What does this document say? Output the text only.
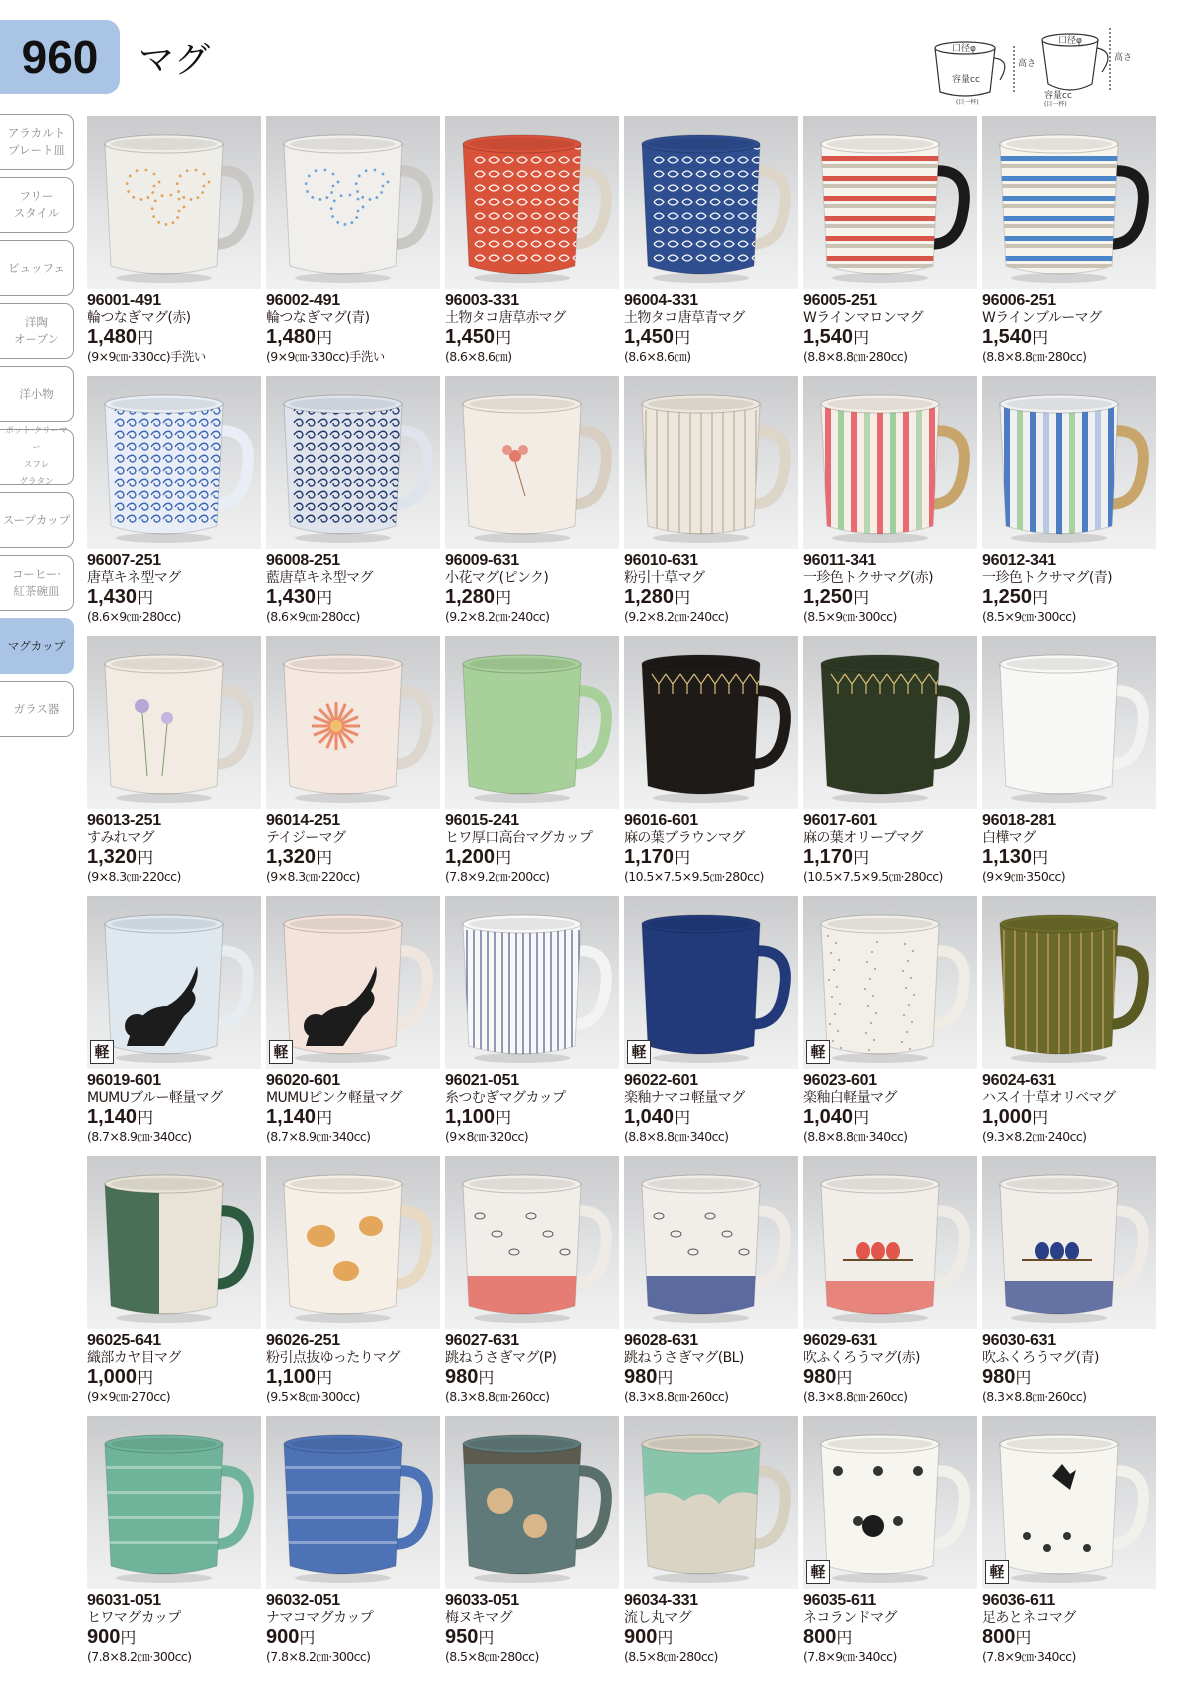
960 マグ	口径φ
高さ
容量cc
(目一杯)
口径φ
高さ
容量cc
(目一杯)
アラカルト
プレート皿
フリー
スタイル
ビュッフェ
洋陶
オーブン
洋小物
ポット·クリーマー
スフレ
グラタン
スープカップ
コーヒー·
紅茶碗皿
マグカップ
ガラス器
96001-491
輪つなぎマグ(赤)
1,480円
(9×9㎝·330cc)手洗い
96002-491
輪つなぎマグ(青)
1,480円
(9×9㎝·330cc)手洗い
96003-331
土物タコ唐草赤マグ
1,450円
(8.6×8.6㎝)
96004-331
土物タコ唐草青マグ
1,450円
(8.6×8.6㎝)
96005-251
Wラインマロンマグ
1,540円
(8.8×8.8㎝·280cc)
96006-251
Wラインブルーマグ
1,540円
(8.8×8.8㎝·280cc)
96007-251
唐草キネ型マグ
1,430円
(8.6×9㎝·280cc)
96008-251
藍唐草キネ型マグ
1,430円
(8.6×9㎝·280cc)
96009-631
小花マグ(ピンク)
1,280円
(9.2×8.2㎝·240cc)
96010-631
粉引十草マグ
1,280円
(9.2×8.2㎝·240cc)
96011-341
一珍色トクサマグ(赤)
1,250円
(8.5×9㎝·300cc)
96012-341
一珍色トクサマグ(青)
1,250円
(8.5×9㎝·300cc)
96013-251
すみれマグ
1,320円
(9×8.3㎝·220cc)
96014-251
テイジーマグ
1,320円
(9×8.3㎝·220cc)
96015-241
ヒワ厚口高台マグカップ
1,200円
(7.8×9.2㎝·200cc)
96016-601
麻の葉ブラウンマグ
1,170円
(10.5×7.5×9.5㎝·280cc)
96017-601
麻の葉オリーブマグ
1,170円
(10.5×7.5×9.5㎝·280cc)
96018-281
白樺マグ
1,130円
(9×9㎝·350cc)
軽
96019-601
MUMUブルー軽量マグ
1,140円
(8.7×8.9㎝·340cc)
軽
96020-601
MUMUピンク軽量マグ
1,140円
(8.7×8.9㎝·340cc)
96021-051
糸つむぎマグカップ
1,100円
(9×8㎝·320cc)
軽
96022-601
楽釉ナマコ軽量マグ
1,040円
(8.8×8.8㎝·340cc)
軽
96023-601
楽釉白軽量マグ
1,040円
(8.8×8.8㎝·340cc)
96024-631
ハスイ十草オリベマグ
1,000円
(9.3×8.2㎝·240cc)
96025-641
織部カヤ目マグ
1,000円
(9×9㎝·270cc)
96026-251
粉引点抜ゆったりマグ
1,100円
(9.5×8㎝·300cc)
96027-631
跳ねうさぎマグ(P)
980円
(8.3×8.8㎝·260cc)
96028-631
跳ねうさぎマグ(BL)
980円
(8.3×8.8㎝·260cc)
96029-631
吹ふくろうマグ(赤)
980円
(8.3×8.8㎝·260cc)
96030-631
吹ふくろうマグ(青)
980円
(8.3×8.8㎝·260cc)
96031-051
ヒワマグカップ
900円
(7.8×8.2㎝·300cc)
96032-051
ナマコマグカップ
900円
(7.8×8.2㎝·300cc)
96033-051
梅ヌキマグ
950円
(8.5×8㎝·280cc)
96034-331
流し丸マグ
900円
(8.5×8㎝·280cc)
軽
96035-611
ネコランドマグ
800円
(7.8×9㎝·340cc)
軽
96036-611
足あとネコマグ
800円
(7.8×9㎝·340cc)
